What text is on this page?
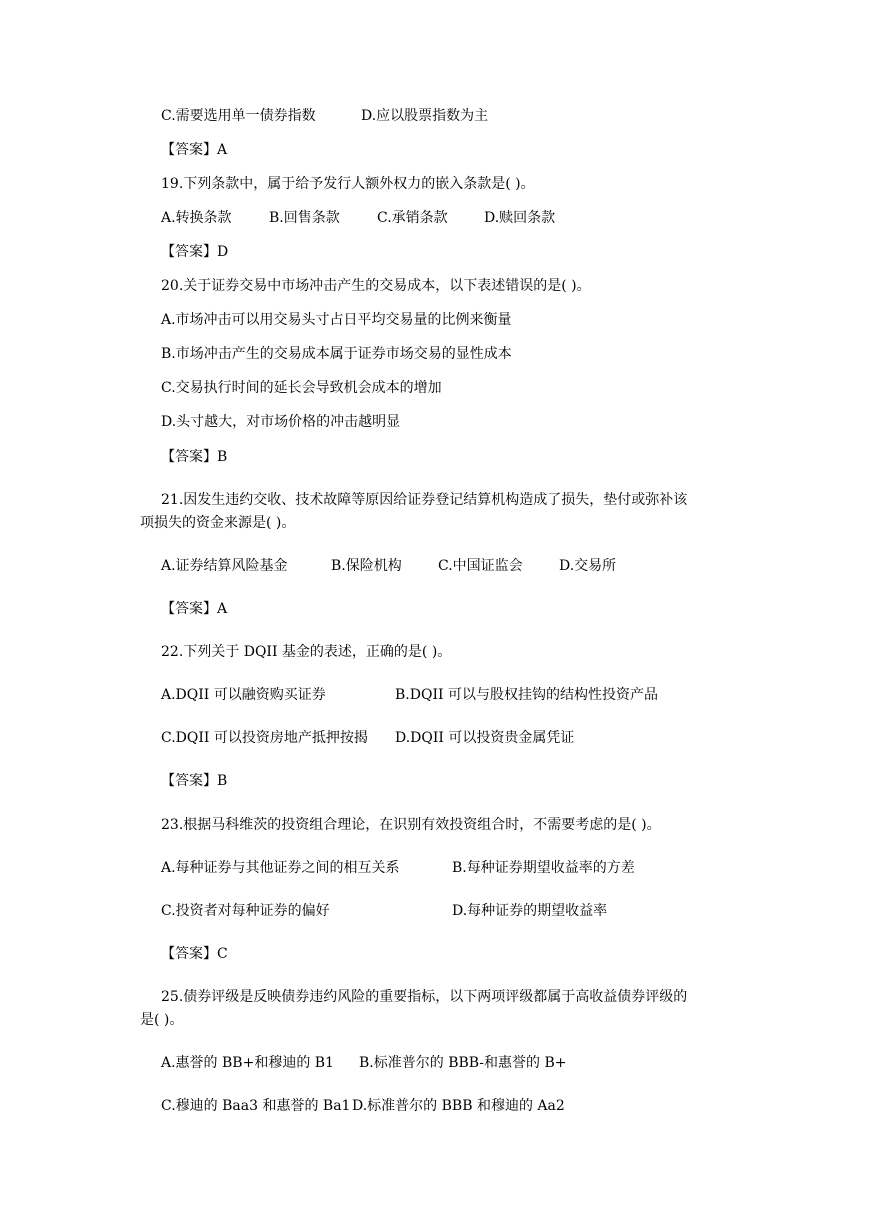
C.需要选用单一债券指数	D.应以股票指数为主
【答案】A
19.下列条款中，属于给予发行人额外权力的嵌入条款是( )。
A.转换条款	B.回售条款	C.承销条款	D.赎回条款
【答案】D
20.关于证券交易中市场冲击产生的交易成本，以下表述错误的是( )。
A.市场冲击可以用交易头寸占日平均交易量的比例来衡量
B.市场冲击产生的交易成本属于证券市场交易的显性成本
C.交易执行时间的延长会导致机会成本的增加
D.头寸越大，对市场价格的冲击越明显
【答案】B
21.因发生违约交收、技术故障等原因给证券登记结算机构造成了损失，垫付或弥补该
项损失的资金来源是( )。
A.证券结算风险基金	B.保险机构	C.中国证监会	D.交易所
【答案】A
22.下列关于 DQII 基金的表述，正确的是( )。
A.DQII 可以融资购买证券	B.DQII 可以与股权挂钩的结构性投资产品
C.DQII 可以投资房地产抵押按揭 D.DQII 可以投资贵金属凭证
【答案】B
23.根据马科维茨的投资组合理论，在识别有效投资组合时，不需要考虑的是( )。
A.每种证券与其他证券之间的相互关系	B.每种证券期望收益率的方差
C.投资者对每种证券的偏好	D.每种证券的期望收益率
【答案】C
25.债券评级是反映债券违约风险的重要指标，以下两项评级都属于高收益债券评级的
是( )。
A.惠誉的 BB+和穆迪的 B1 B.标准普尔的 BBB-和惠誉的 B+
C.穆迪的 Baa3 和惠誉的 Ba1 D.标准普尔的 BBB 和穆迪的 Aa2
